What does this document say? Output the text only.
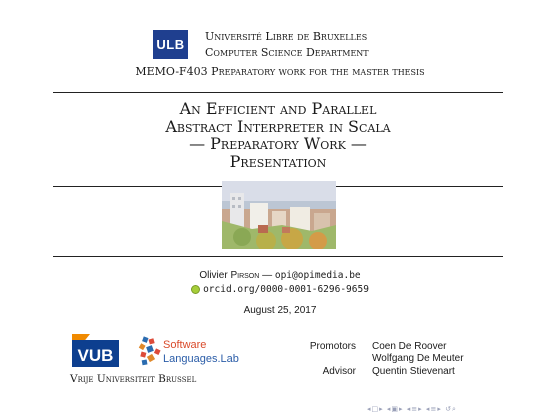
ULB
Université Libre de Bruxelles
Computer Science Department
MEMO-F403 Preparatory work for the master thesis
An Efficient and Parallel
Abstract Interpreter in Scala
— Preparatory Work —
Presentation
Olivier Pirson — opi@opimedia.be
orcid.org/0000-0001-6296-9659
August 25, 2017
VUB
Software
Languages.Lab
Vrije Universiteit Brussel
Promotors
Advisor
Coen De Roover
Wolfgang De Meuter
Quentin Stievenart
◂□▸ ◂▣▸ ◂≡▸ ◂≡▸ ↺⌕
